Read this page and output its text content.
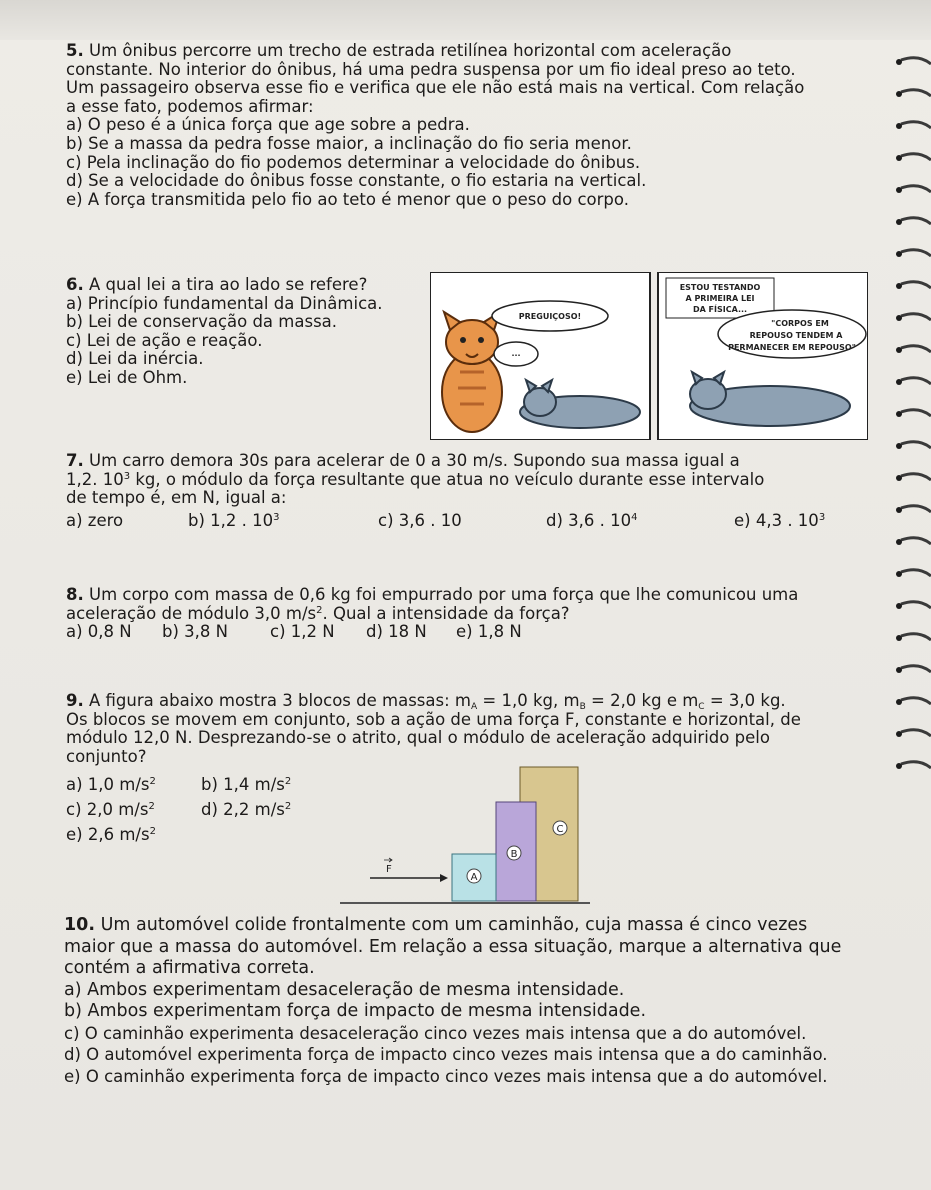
5. Um ônibus percorre um trecho de estrada retilínea horizontal com aceleração

constante. No interior do ônibus, há uma pedra suspensa por um fio ideal preso ao teto.

Um passageiro observa esse fio e verifica que ele não está mais na vertical. Com relação

a esse fato, podemos afirmar:

a) O peso é a única força que age sobre a pedra.

b) Se a massa da pedra fosse maior, a inclinação do fio seria menor.

c) Pela inclinação do fio podemos determinar a velocidade do ônibus.

d) Se a velocidade do ônibus fosse constante, o fio estaria na vertical.

e) A força transmitida pelo fio ao teto é menor que o peso do corpo.

6. A qual lei a tira ao lado se refere?

a) Princípio fundamental da Dinâmica.

b) Lei de conservação da massa.

c) Lei de ação e reação.

d) Lei da inércia.

e) Lei de Ohm.

PREGUIÇOSO!
...
ESTOU TESTANDO
A PRIMEIRA LEI
DA FÍSICA...
"CORPOS EM
REPOUSO TENDEM A
PERMANECER EM REPOUSO"

7. Um carro demora 30s para acelerar de 0 a 30 m/s. Supondo sua massa igual a

1,2. $10^3$ kg, o módulo da força resultante que atua no veículo durante esse intervalo

de tempo é, em N, igual a:

a) zero	b) 1,2 . $10^3$	c) 3,6 . 10	d) 3,6 . $10^4$	e) 4,3 . $10^3$

8. Um corpo com massa de 0,6 kg foi empurrado por uma força que lhe comunicou uma

aceleração de módulo 3,0 $m/s^2$. Qual a intensidade da força?

a) 0,8 N	b) 3,8 N	c) 1,2 N	d) 18 N	e) 1,8 N

9. A figura abaixo mostra 3 blocos de massas: $m_A = 1,0$ kg, $m_B = 2,0$ kg e $m_C = 3,0$ kg.

Os blocos se movem em conjunto, sob a ação de uma força F, constante e horizontal, de

módulo 12,0 N. Desprezando-se o atrito, qual o módulo de aceleração adquirido pelo

conjunto?

a) 1,0 $m/s^2$	b) 1,4 $m/s^2$
c) 2,0 $m/s^2$	d) 2,2 $m/s^2$
e) 2,6 $m/s^2$	C
B
A
F

10. Um automóvel colide frontalmente com um caminhão, cuja massa é cinco vezes

maior que a massa do automóvel. Em relação a essa situação, marque a alternativa que

contém a afirmativa correta.

a) Ambos experimentam desaceleração de mesma intensidade.

b) Ambos experimentam força de impacto de mesma intensidade.

c) O caminhão experimenta desaceleração cinco vezes mais intensa que a do automóvel.

d) O automóvel experimenta força de impacto cinco vezes mais intensa que a do caminhão.

e) O caminhão experimenta força de impacto cinco vezes mais intensa que a do automóvel.
